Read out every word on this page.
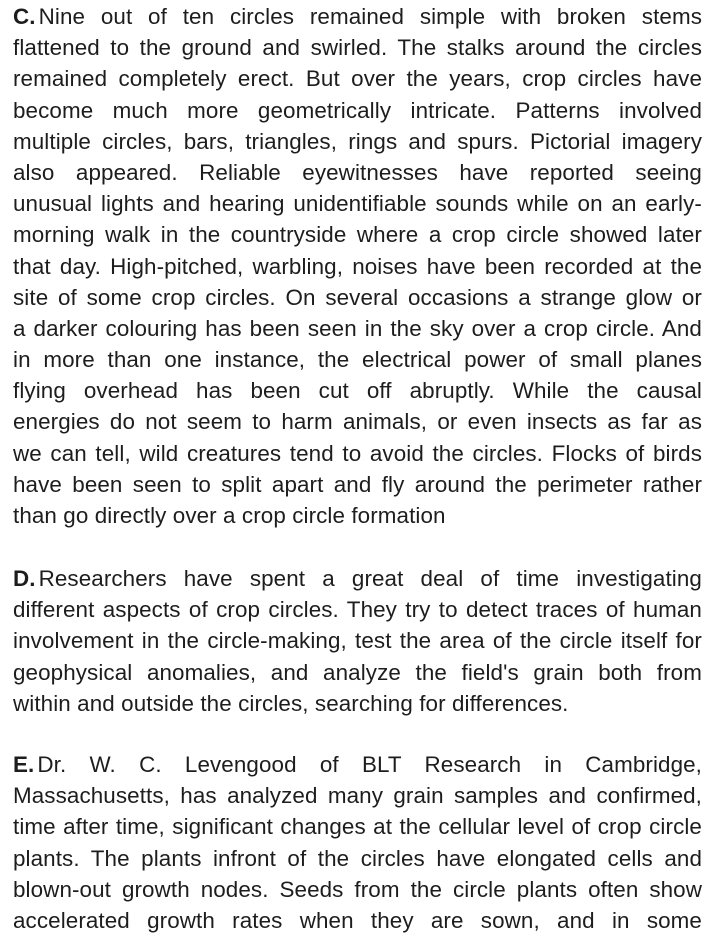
C. Nine out of ten circles remained simple with broken stems
flattened to the ground and swirled. The stalks around the circles
remained completely erect. But over the years, crop circles have
become much more geometrically intricate. Patterns involved
multiple circles, bars, triangles, rings and spurs. Pictorial imagery
also appeared. Reliable eyewitnesses have reported seeing
unusual lights and hearing unidentifiable sounds while on an early-
morning walk in the countryside where a crop circle showed later
that day. High-pitched, warbling, noises have been recorded at the
site of some crop circles. On several occasions a strange glow or
a darker colouring has been seen in the sky over a crop circle. And
in more than one instance, the electrical power of small planes
flying overhead has been cut off abruptly. While the causal
energies do not seem to harm animals, or even insects as far as
we can tell, wild creatures tend to avoid the circles. Flocks of birds
have been seen to split apart and fly around the perimeter rather
than go directly over a crop circle formation
D. Researchers have spent a great deal of time investigating
different aspects of crop circles. They try to detect traces of human
involvement in the circle-making, test the area of the circle itself for
geophysical anomalies, and analyze the field's grain both from
within and outside the circles, searching for differences.
E. Dr. W. C. Levengood of BLT Research in Cambridge,
Massachusetts, has analyzed many grain samples and confirmed,
time after time, significant changes at the cellular level of crop circle
plants. The plants infront of the circles have elongated cells and
blown-out growth nodes. Seeds from the circle plants often show
accelerated growth rates when they are sown, and in some
